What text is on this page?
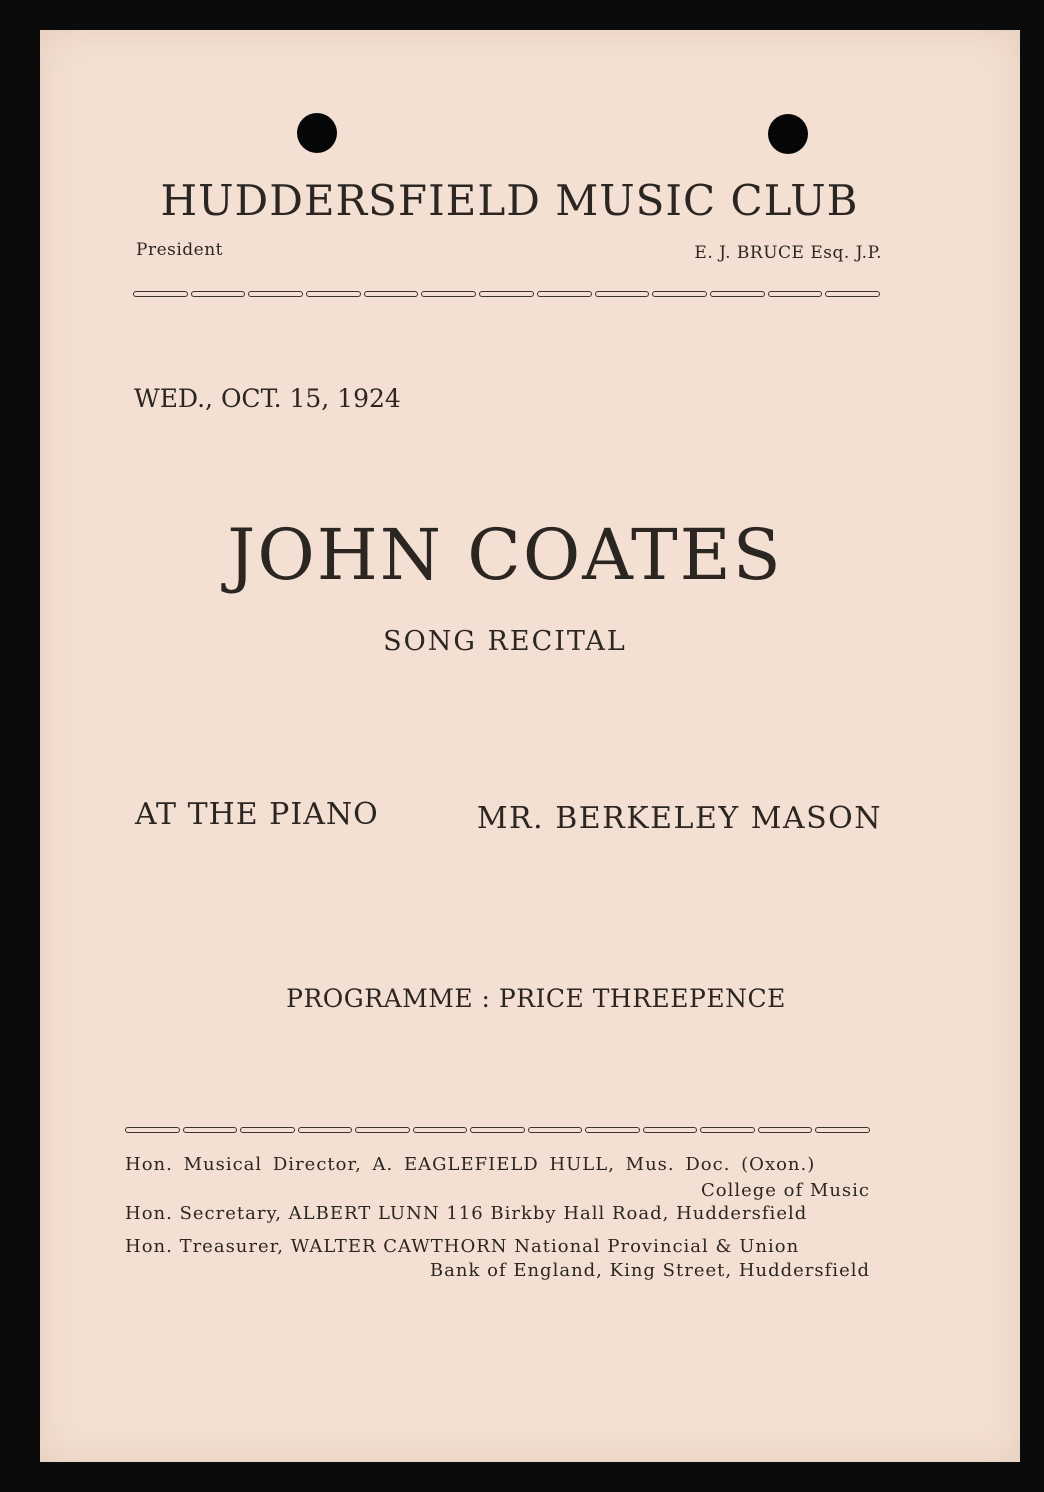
HUDDERSFIELD MUSIC CLUB
President	E. J. BRUCE Esq. J.P.
WED., OCT. 15, 1924
JOHN COATES
SONG RECITAL
AT THE PIANO	MR. BERKELEY MASON
PROGRAMME : PRICE THREEPENCE
Hon. Musical Director, A. EAGLEFIELD HULL, Mus. Doc. (Oxon.)
College of Music
Hon. Secretary, ALBERT LUNN 116 Birkby Hall Road, Huddersfield
Hon. Treasurer, WALTER CAWTHORN National Provincial & Union
Bank of England, King Street, Huddersfield
